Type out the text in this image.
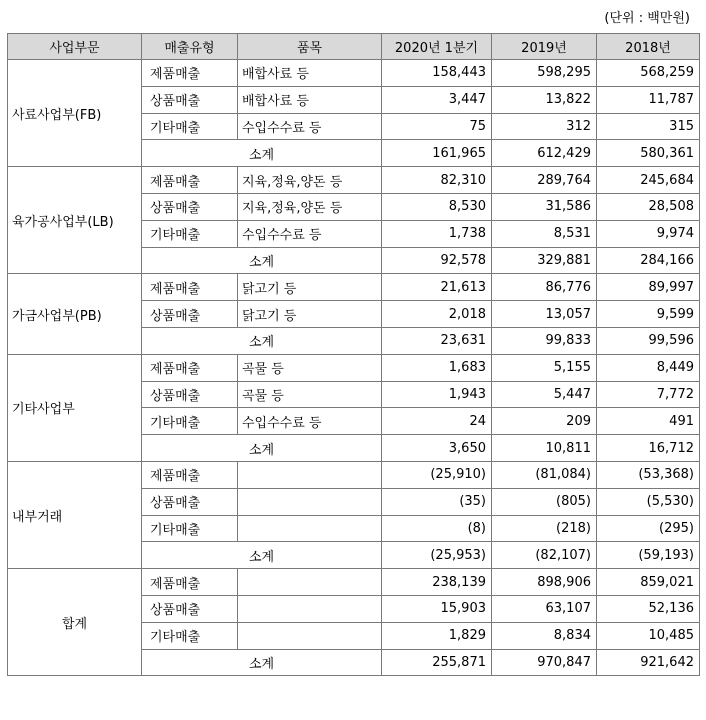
(단위 : 백만원)
사업부문	매출유형	품목	2020년 1분기	2019년	2018년
사료사업부(FB)	제품매출	배합사료 등	158,443	598,295	568,259
	상품매출	배합사료 등	3,447	13,822	11,787
	기타매출	수입수수료 등	75	312	315
	소계		161,965	612,429	580,361
육가공사업부(LB)	제품매출	지육,정육,양돈 등	82,310	289,764	245,684
	상품매출	지육,정육,양돈 등	8,530	31,586	28,508
	기타매출	수입수수료 등	1,738	8,531	9,974
	소계		92,578	329,881	284,166
가금사업부(PB)	제품매출	닭고기 등	21,613	86,776	89,997
	상품매출	닭고기 등	2,018	13,057	9,599
	소계		23,631	99,833	99,596
기타사업부	제품매출	곡물 등	1,683	5,155	8,449
	상품매출	곡물 등	1,943	5,447	7,772
	기타매출	수입수수료 등	24	209	491
	소계		3,650	10,811	16,712
내부거래	제품매출		(25,910)	(81,084)	(53,368)
	상품매출		(35)	(805)	(5,530)
	기타매출		(8)	(218)	(295)
	소계		(25,953)	(82,107)	(59,193)
합계	제품매출		238,139	898,906	859,021
	상품매출		15,903	63,107	52,136
	기타매출		1,829	8,834	10,485
	소계		255,871	970,847	921,642
